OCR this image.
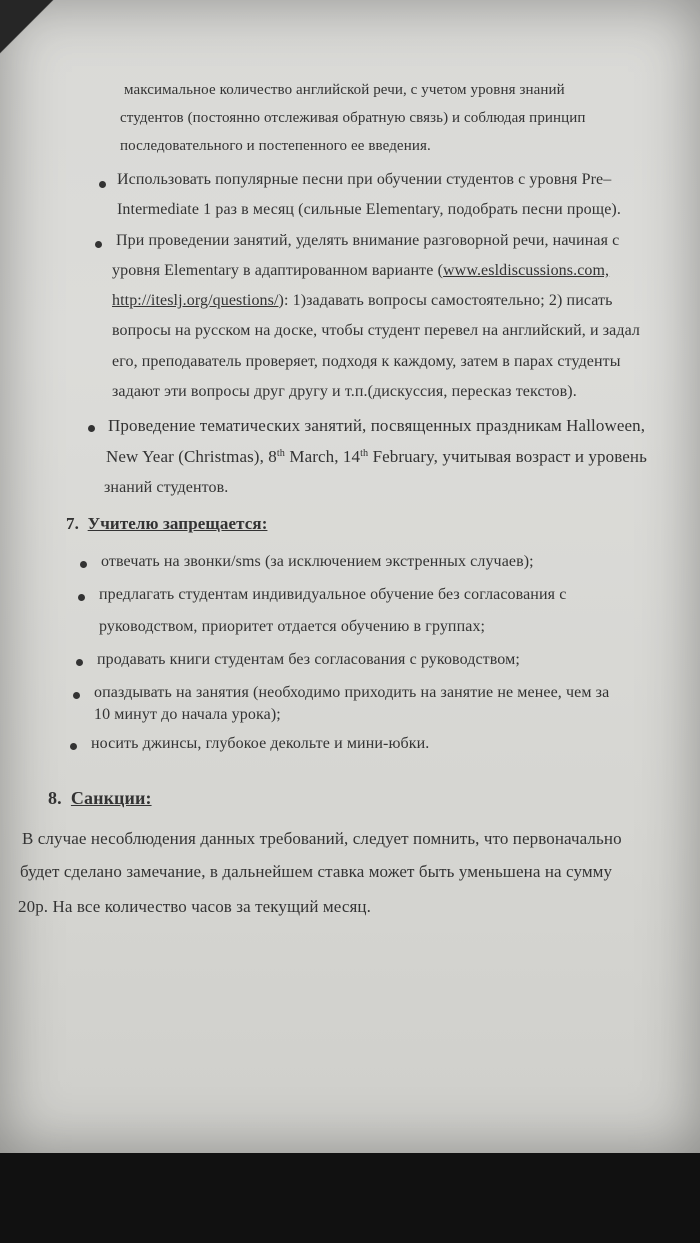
максимальное количество английской речи, с учетом уровня знаний
студентов (постоянно отслеживая обратную связь) и соблюдая принцип
последовательного и постепенного ее введения.
Использовать популярные песни при обучении студентов с уровня Pre–
Intermediate 1 раз в месяц (сильные Elementary, подобрать песни проще).
При проведении занятий, уделять внимание разговорной речи, начиная с
уровня Elementary в адаптированном варианте (www.esldiscussions.com,
http://iteslj.org/questions/): 1)задавать вопросы самостоятельно; 2) писать
вопросы на русском на доске, чтобы студент перевел на английский, и задал
его, преподаватель проверяет, подходя к каждому, затем в парах студенты
задают эти вопросы друг другу и т.п.(дискуссия, пересказ текстов).
Проведение тематических занятий, посвященных праздникам Halloween,
New Year (Christmas), 8th March, 14th February, учитывая возраст и уровень
знаний студентов.
7. Учителю запрещается:
отвечать на звонки/sms (за исключением экстренных случаев);
предлагать студентам индивидуальное обучение без согласования с
руководством, приоритет отдается обучению в группах;
продавать книги студентам без согласования с руководством;
опаздывать на занятия (необходимо приходить на занятие не менее, чем за
10 минут до начала урока);
носить джинсы, глубокое декольте и мини-юбки.
8. Санкции:
В случае несоблюдения данных требований, следует помнить, что первоначально
будет сделано замечание, в дальнейшем ставка может быть уменьшена на сумму
20р. На все количество часов за текущий месяц.
